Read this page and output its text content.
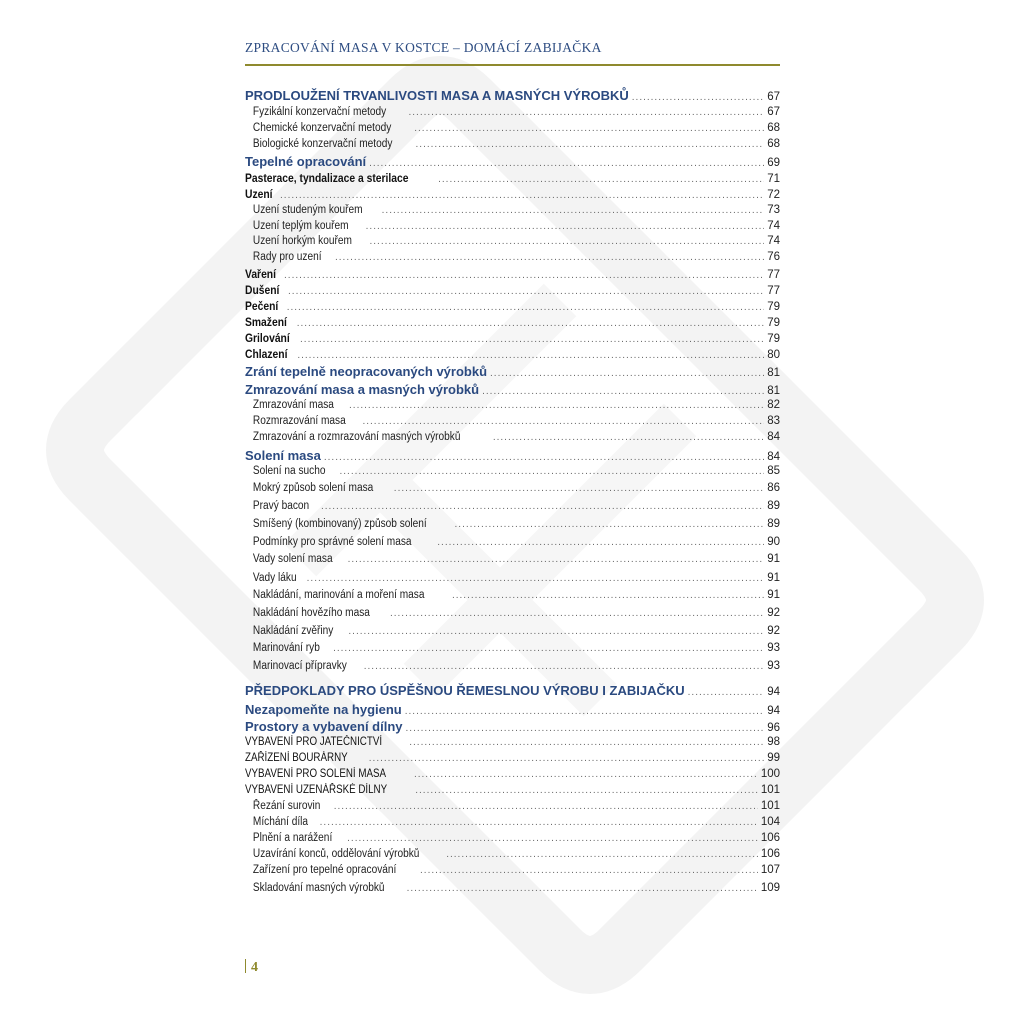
ZPRACOVÁNÍ MASA V KOSTCE – DOMÁCÍ ZABIJAČKA
PRODLOUŽENÍ TRVANLIVOSTI MASA A MASNÝCH VÝROBKŮ .....	67
Fyzikální konzervační metody .....	67
Chemické konzervační metody .....	68
Biologické konzervační metody .....	68
Tepelné opracování .....	69
Pasterace, tyndalizace a sterilace .....	71
Uzení .....	72
Uzení studeným kouřem .....	73
Uzení teplým kouřem .....	74
Uzení horkým kouřem .....	74
Rady pro uzení .....	76
Vaření .....	77
Dušení .....	77
Pečení .....	79
Smažení .....	79
Grilování .....	79
Chlazení .....	80
Zrání tepelně neopracovaných výrobků .....	81
Zmrazování masa a masných výrobků .....	81
Zmrazování masa .....	82
Rozmrazování masa .....	83
Zmrazování a rozmrazování masných výrobků .....	84
Solení masa .....	84
Solení na sucho .....	85
Mokrý způsob solení masa .....	86
Pravý bacon .....	89
Smíšený (kombinovaný) způsob solení .....	89
Podmínky pro správné solení masa .....	90
Vady solení masa .....	91
Vady láku .....	91
Nakládání, marinování a moření masa .....	91
Nakládání hovězího masa .....	92
Nakládání zvěřiny .....	92
Marinování ryb .....	93
Marinovací přípravky .....	93
PŘEDPOKLADY PRO ÚSPĚŠNOU ŘEMESLNOU VÝROBU I ZABIJAČKU .....	94
Nezapomeňte na hygienu .....	94
Prostory a vybavení dílny .....	96
VYBAVENÍ PRO JATEČNICTVÍ .....	98
ZAŘÍZENÍ BOURÁRNY .....	99
VYBAVENÍ PRO SOLENÍ MASA .....	100
VYBAVENÍ UZENÁŘSKÉ DÍLNY .....	101
Řezání surovin .....	101
Míchání díla .....	104
Plnění a narážení .....	106
Uzavírání konců, oddělování výrobků .....	106
Zařízení pro tepelné opracování .....	107
Skladování masných výrobků .....	109
4
